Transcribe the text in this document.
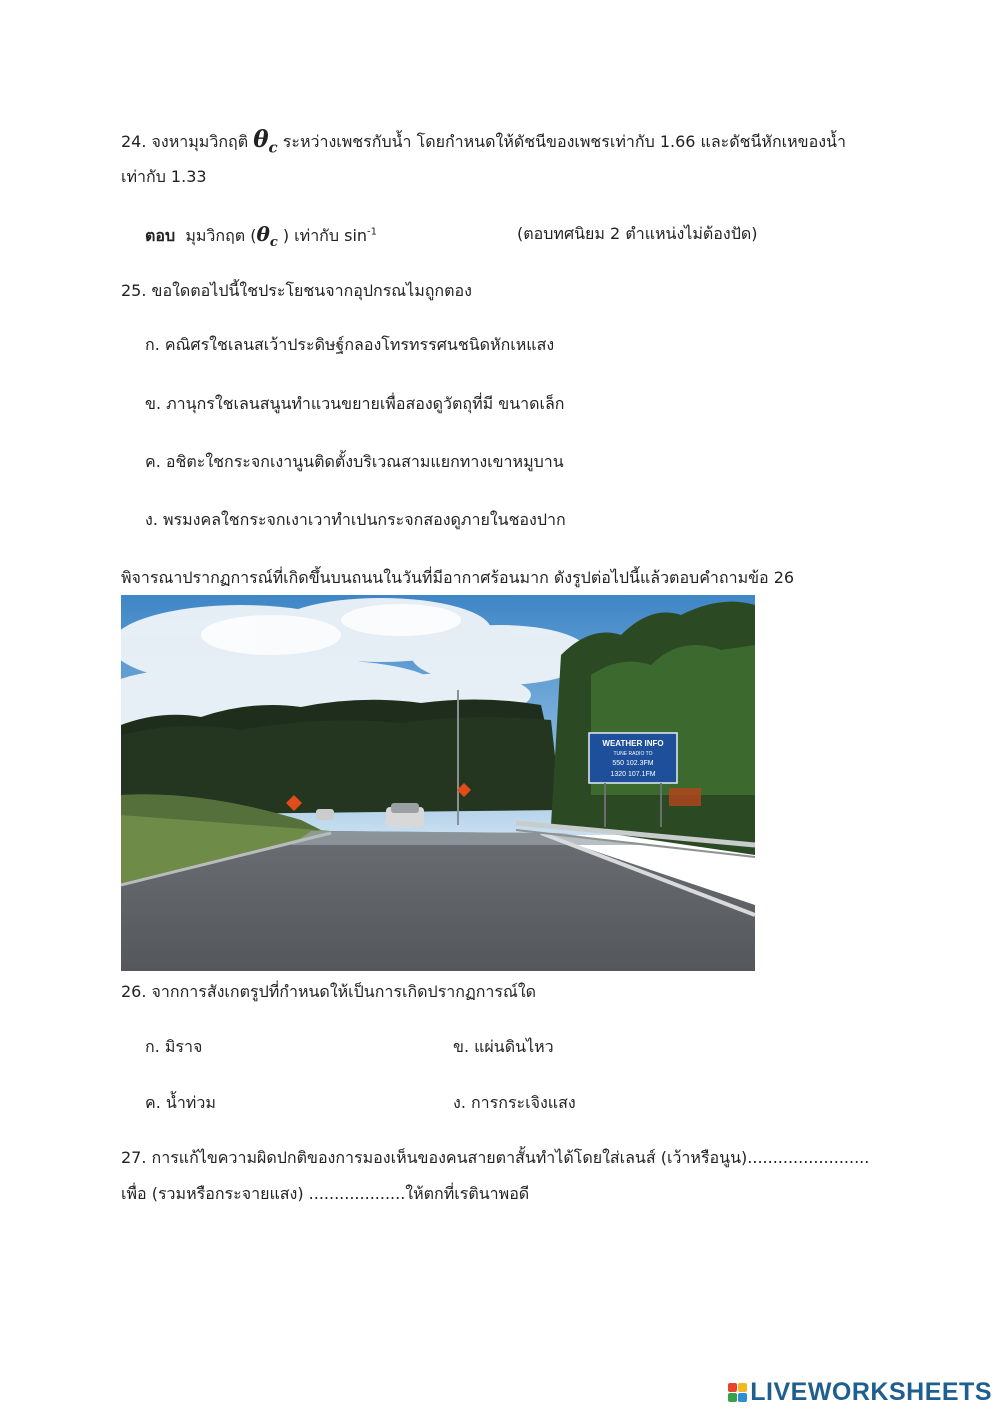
24. จงหามุมวิกฤติ $\theta_c$ ระหว่างเพชรกับน้ำ โดยกำหนดให้ดัชนีของเพชรเท่ากับ 1.66 และดัชนีหักเหของน้ำ
เท่ากับ 1.33
ตอบ มุมวิกฤต ($\theta_c$ ) เท่ากับ $\sin^{-1}$	(ตอบทศนิยม 2 ตำแหน่งไม่ต้องปัด)
25. ขอใดตอไปนี้ใชประโยชนจากอุปกรณไมถูกตอง
ก. คณิศรใชเลนสเว้าประดิษฐ์กลองโทรทรรศนชนิดหักเหแสง
ข. ภานุกรใชเลนสนูนทำแวนขยายเพื่อสองดูวัตถุที่มี ขนาดเล็ก
ค. อชิตะใชกระจกเงานูนติดตั้งบริเวณสามแยกทางเขาหมูบาน
ง. พรมงคลใชกระจกเงาเวาทำเปนกระจกสองดูภายในชองปาก
พิจารณาปรากฏการณ์ที่เกิดขึ้นบนถนนในวันที่มีอากาศร้อนมาก ดังรูปต่อไปนี้แล้วตอบคำถามข้อ 26
WEATHER INFO
TUNE RADIO TO
550 102.3FM
1320 107.1FM
26. จากการสังเกตรูปที่กำหนดให้เป็นการเกิดปรากฏการณ์ใด
ก. มิราจ	ข. แผ่นดินไหว
ค. น้ำท่วม	ง. การกระเจิงแสง
27. การแก้ไขความผิดปกติของการมองเห็นของคนสายตาสั้นทำได้โดยใส่เลนส์ (เว้าหรือนูน)........................
เพื่อ (รวมหรือกระจายแสง) ...................ให้ตกที่เรตินาพอดี
LIVEWORKSHEETS
